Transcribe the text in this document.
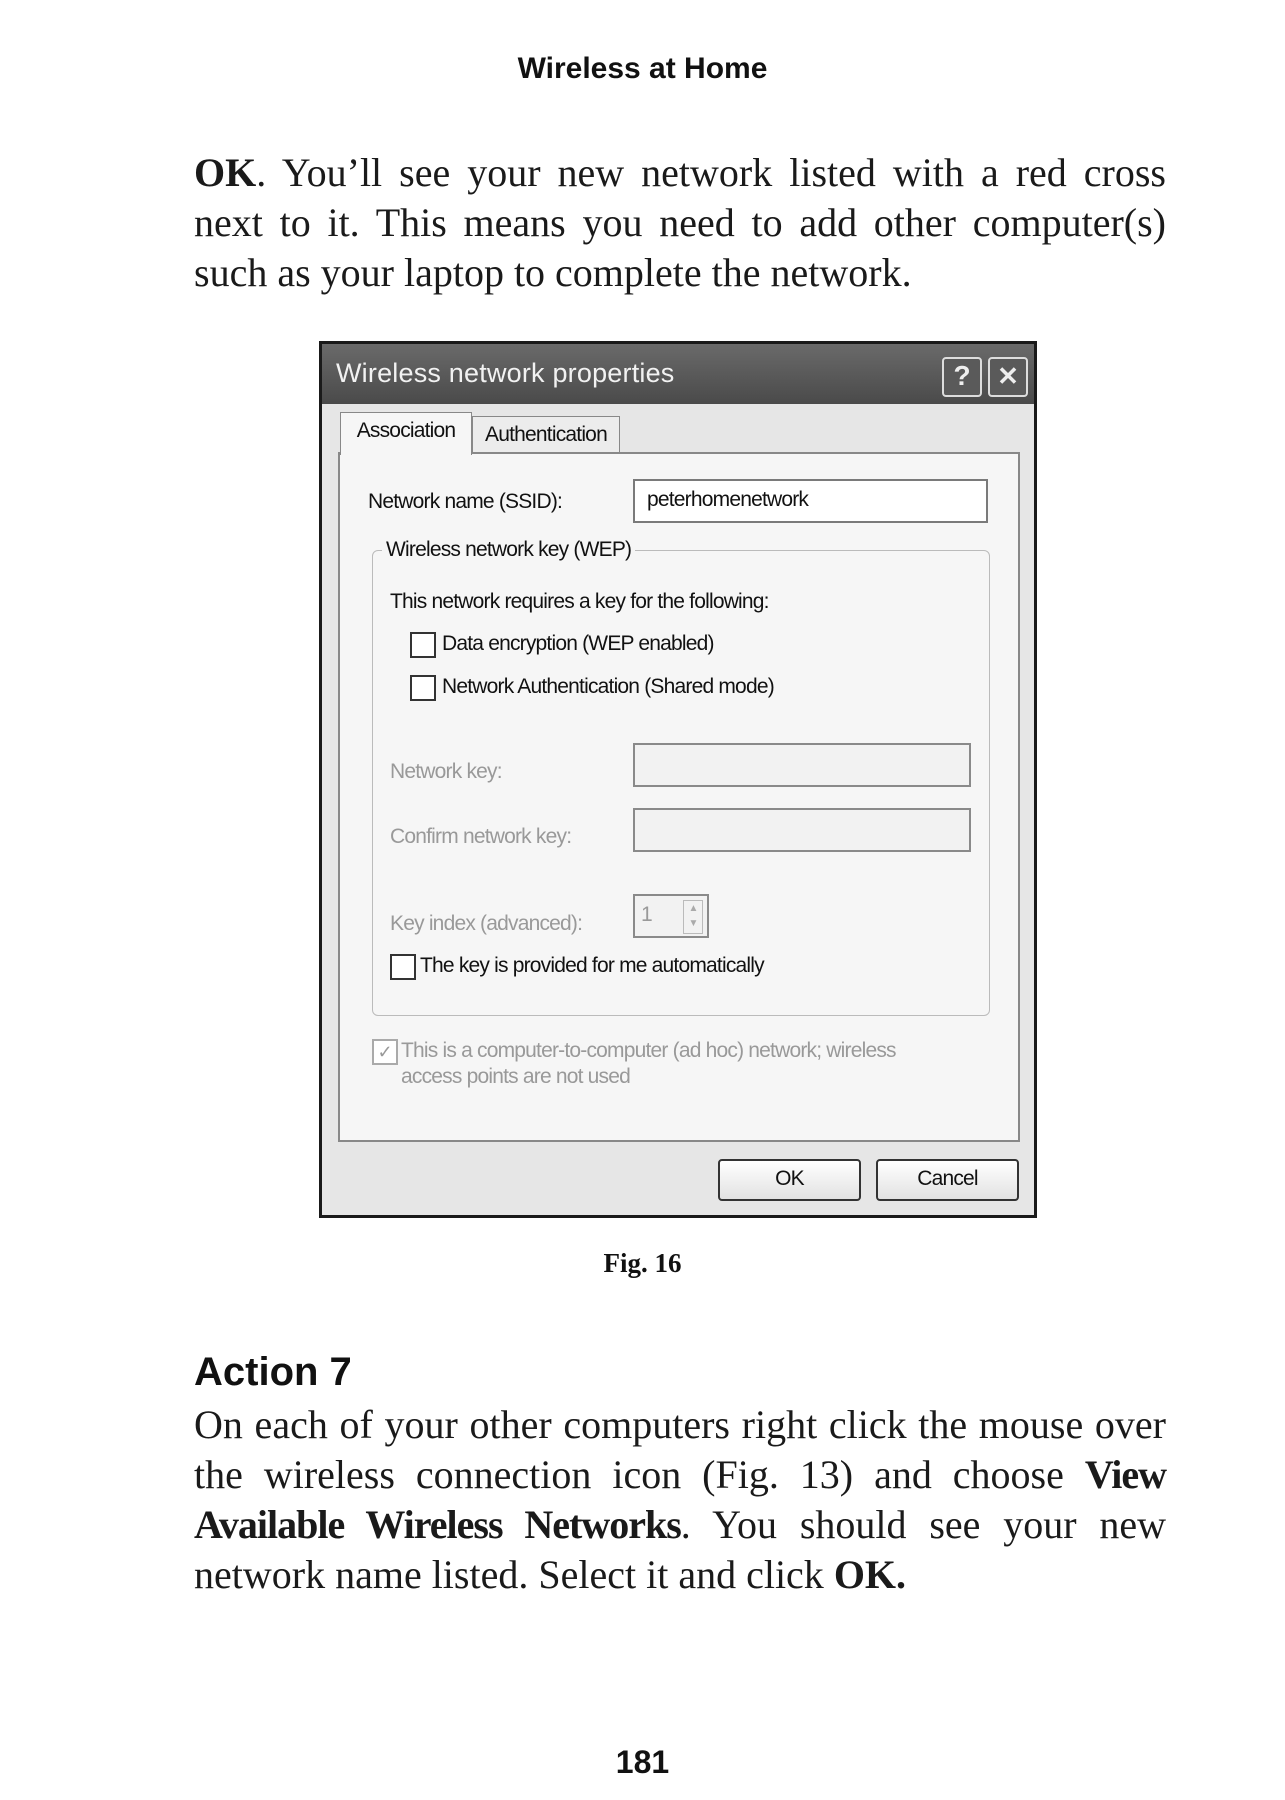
Wireless at Home
OK. You’ll see your new network listed with a red cross next to it. This means you need to add other computer(s) such as your laptop to complete the network.
Wireless network properties	?	✕
Association	Authentication
Network name (SSID):	peterhomenetwork
Wireless network key (WEP)
This network requires a key for the following:
Data encryption (WEP enabled)
Network Authentication (Shared mode)
Network key:
Confirm network key:
Key index (advanced):	1	▲
▼
The key is provided for me automatically
✓ This is a computer-to-computer (ad hoc) network; wireless
access points are not used
OK	Cancel
Fig. 16
Action 7
On each of your other computers right click the mouse over the wireless connection icon (Fig. 13) and choose View Available Wireless Networks. You should see your new network name listed. Select it and click OK.
181
